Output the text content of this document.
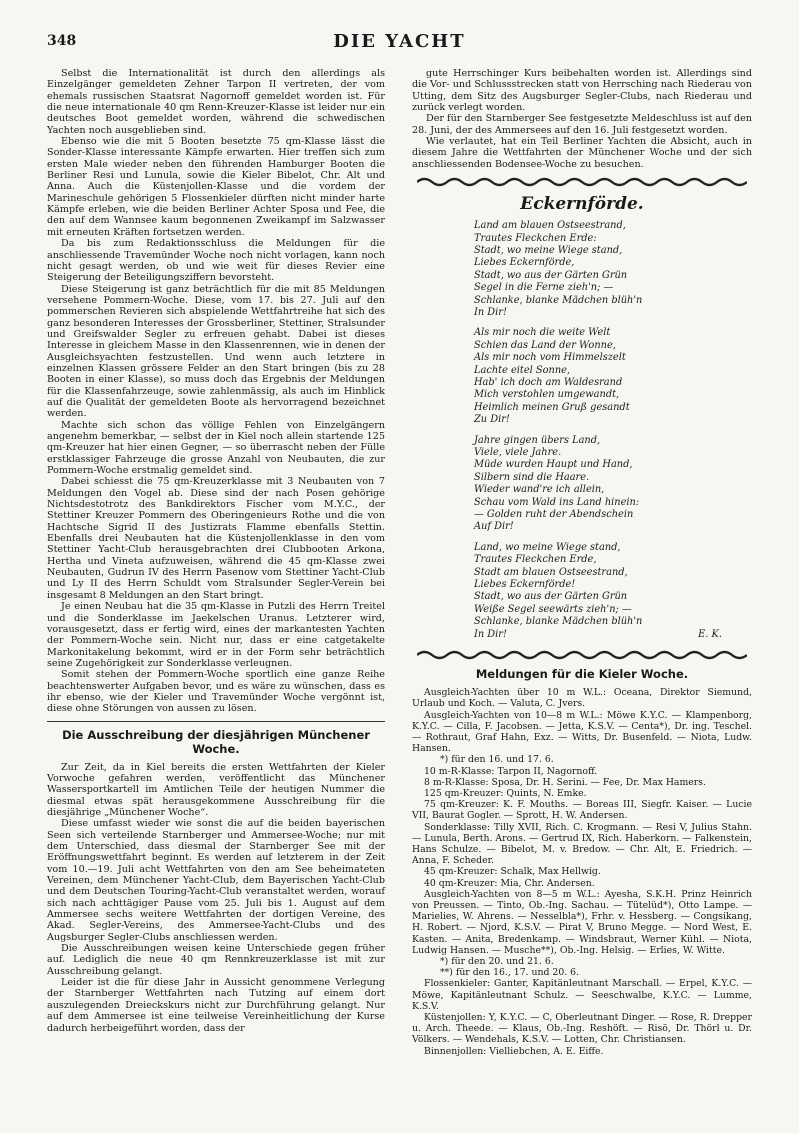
348	DIE YACHT

Selbst die Internationalität ist durch den allerdings als Einzelgänger gemeldeten Zehner Tarpon II vertreten, der vom ehemals russischen Staatsrat Nagornoff gemeldet worden ist. Für die neue internationale 40 qm Renn-Kreuzer-Klasse ist leider nur ein deutsches Boot gemeldet worden, während die schwedischen Yachten noch ausgeblieben sind.

Ebenso wie die mit 5 Booten besetzte 75 qm-Klasse lässt die Sonder-Klasse interessante Kämpfe erwarten. Hier treffen sich zum ersten Male wieder neben den führenden Hamburger Booten die Berliner Resi und Lunula, sowie die Kieler Bibelot, Chr. Alt und Anna. Auch die Küstenjollen-Klasse und die vordem der Marineschule gehörigen 5 Flossenkieler dürften nicht minder harte Kämpfe erleben, wie die beiden Berliner Achter Sposa und Fee, die den auf dem Wannsee kaum begonnenen Zweikampf im Salzwasser mit erneuten Kräften fortsetzen werden.

Da bis zum Redaktionsschluss die Meldungen für die anschliessende Travemünder Woche noch nicht vorlagen, kann noch nicht gesagt werden, ob und wie weit für dieses Revier eine Steigerung der Beteiligungsziffern bevorsteht.

Diese Steigerung ist ganz beträchtlich für die mit 85 Meldungen versehene Pommern-Woche. Diese, vom 17. bis 27. Juli auf den pommerschen Revieren sich abspielende Wettfahrtreihe hat sich des ganz besonderen Interesses der Grossberliner, Stettiner, Stralsunder und Greifswalder Segler zu erfreuen gehabt. Dabei ist dieses Interesse in gleichem Masse in den Klassenrennen, wie in denen der Ausgleichsyachten festzustellen. Und wenn auch letztere in einzelnen Klassen grössere Felder an den Start bringen (bis zu 28 Booten in einer Klasse), so muss doch das Ergebnis der Meldungen für die Klassenfahrzeuge, sowie zahlenmässig, als auch im Hinblick auf die Qualität der gemeldeten Boote als hervorragend bezeichnet werden.

Machte sich schon das völlige Fehlen von Einzelgängern angenehm bemerkbar, — selbst der in Kiel noch allein startende 125 qm-Kreuzer hat hier einen Gegner, — so überrascht neben der Fülle erstklassiger Fahrzeuge die grosse Anzahl von Neubauten, die zur Pommern-Woche erstmalig gemeldet sind.

Dabei schiesst die 75 qm-Kreuzerklasse mit 3 Neubauten von 7 Meldungen den Vogel ab. Diese sind der nach Posen gehörige Nichtsdestotrotz des Bankdirektors Fischer vom M.Y.C., der Stettiner Kreuzer Pommern des Oberingenieurs Rothe und die von Hachtsche Sigrid II des Justizrats Flamme ebenfalls Stettin. Ebenfalls drei Neubauten hat die Küstenjollenklasse in den vom Stettiner Yacht-Club herausgebrachten drei Clubbooten Arkona, Hertha und Vineta aufzuweisen, während die 45 qm-Klasse zwei Neubauten, Gudrun IV des Herrn Pasenow vom Stettiner Yacht-Club und Ly II des Herrn Schuldt vom Stralsunder Segler-Verein bei insgesamt 8 Meldungen an den Start bringt.

Je einen Neubau hat die 35 qm-Klasse in Putzli des Herrn Treitel und die Sonderklasse im Jaekelschen Uranus. Letzterer wird, vorausgesetzt, dass er fertig wird, eines der markantesten Yachten der Pommern-Woche sein. Nicht nur, dass er eine catgetakelte Markonitakelung bekommt, wird er in der Form sehr beträchtlich seine Zugehörigkeit zur Sonderklasse verleugnen.

Somit stehen der Pommern-Woche sportlich eine ganze Reihe beachtenswerter Aufgaben bevor, und es wäre zu wünschen, dass es ihr ebenso, wie der Kieler und Travemünder Woche vergönnt ist, diese ohne Störungen von aussen zu lösen.

Die Ausschreibung der diesjährigen Münchener Woche.

Zur Zeit, da in Kiel bereits die ersten Wettfahrten der Kieler Vorwoche gefahren werden, veröffentlicht das Münchener Wassersportkartell im Amtlichen Teile der heutigen Nummer die diesmal etwas spät herausgekommene Ausschreibung für die diesjährige „Münchener Woche“.

Diese umfasst wieder wie sonst die auf die beiden bayerischen Seen sich verteilende Starnberger und Ammersee-Woche; nur mit dem Unterschied, dass diesmal der Starnberger See mit der Eröffnungswettfahrt beginnt. Es werden auf letzterem in der Zeit vom 10.—19. Juli acht Wettfahrten von den am See beheimateten Vereinen, dem Münchener Yacht-Club, dem Bayerischen Yacht-Club und dem Deutschen Touring-Yacht-Club veranstaltet werden, worauf sich nach achttägiger Pause vom 25. Juli bis 1. August auf dem Ammersee sechs weitere Wettfahrten der dortigen Vereine, des Akad. Segler-Vereins, des Ammersee-Yacht-Clubs und des Augsburger Segler-Clubs anschliessen werden.

Die Ausschreibungen weisen keine Unterschiede gegen früher auf. Lediglich die neue 40 qm Rennkreuzerklasse ist mit zur Ausschreibung gelangt.

Leider ist die für diese Jahr in Aussicht genommene Verlegung der Starnberger Wettfahrten nach Tutzing auf einem dort auszulegenden Dreieckskurs nicht zur Durchführung gelangt. Nur auf dem Ammersee ist eine teilweise Vereinheitlichung der Kurse dadurch herbeigeführt worden, dass der

gute Herrschinger Kurs beibehalten worden ist. Allerdings sind die Vor- und Schlussstrecken statt von Herrsching nach Riederau von Utting, dem Sitz des Augsburger Segler-Clubs, nach Riederau und zurück verlegt worden.

Der für den Starnberger See festgesetzte Meldeschluss ist auf den 28. Juni, der des Ammersees auf den 16. Juli festgesetzt worden.

Wie verlautet, hat ein Teil Berliner Yachten die Absicht, auch in diesem Jahre die Wettfahrten der Münchener Woche und der sich anschliessenden Bodensee-Woche zu besuchen.

Eckernförde.
Land am blauen Ostseestrand,
Trautes Fleckchen Erde:
Stadt, wo meine Wiege stand,
Liebes Eckernförde,
Stadt, wo aus der Gärten Grün
Segel in die Ferne zieh'n; —
Schlanke, blanke Mädchen blüh'n
In Dir!
Als mir noch die weite Welt
Schien das Land der Wonne,
Als mir noch vom Himmelszelt
Lachte eitel Sonne,
Hab' ich doch am Waldesrand
Mich verstohlen umgewandt,
Heimlich meinen Gruß gesandt
Zu Dir!
Jahre gingen übers Land,
Viele, viele Jahre.
Müde wurden Haupt und Hand,
Silbern sind die Haare.
Wieder wand're ich allein,
Schau vom Wald ins Land hinein:
— Golden ruht der Abendschein
Auf Dir!
Land, wo meine Wiege stand,
Trautes Fleckchen Erde,
Stadt am blauen Ostseestrand,
Liebes Eckernförde!
Stadt, wo aus der Gärten Grün
Weiße Segel seewärts zieh'n; —
Schlanke, blanke Mädchen blüh'n
In Dir!	E. K.
Meldungen für die Kieler Woche.

Ausgleich-Yachten über 10 m W.L.: Oceana, Direktor Siemund, Urlaub und Koch. — Valuta, C. Jvers.

Ausgleich-Yachten von 10—8 m W.L.: Möwe K.Y.C. — Klampenborg, K.Y.C. — Cilla, F. Jacobsen. — Jetta, K.S.V. — Centa*), Dr. ing. Teschel. — Rothraut, Graf Hahn, Exz. — Witts, Dr. Busenfeld. — Niota, Ludw. Hansen.

*) für den 16. und 17. 6.

10 m-R-Klasse: Tarpon II, Nagornoff.

8 m-R-Klasse: Sposa, Dr. H. Serini. — Fee, Dr. Max Hamers.

125 qm-Kreuzer: Quints, N. Emke.

75 qm-Kreuzer: K. F. Mouths. — Boreas III, Siegfr. Kaiser. — Lucie VII, Baurat Gogler. — Sprott, H. W. Andersen.

Sonderklasse: Tilly XVII, Rich. C. Krogmann. — Resi V, Julius Stahn. — Lunula, Berth. Arons. — Gertrud IX, Rich. Haberkorn. — Falkenstein, Hans Schulze. — Bibelot, M. v. Bredow. — Chr. Alt, E. Friedrich. — Anna, F. Scheder.

45 qm-Kreuzer: Schalk, Max Hellwig.

40 qm-Kreuzer: Mia, Chr. Andersen.

Ausgleich-Yachten von 8—5 m W.L.: Ayesha, S.K.H. Prinz Heinrich von Preussen. — Tinto, Ob.-Ing. Sachau. — Tütelüd*), Otto Lampe. — Marielies, W. Ahrens. — Nesselbla*), Frhr. v. Hessberg. — Congsikang, H. Robert. — Njord, K.S.V. — Pirat V, Bruno Megge. — Nord West, E. Kasten. — Anita, Bredenkamp. — Windsbraut, Werner Kühl. — Niota, Ludwig Hansen. — Musche**), Ob.-Ing. Helsig. — Erlies, W. Witte.

*) für den 20. und 21. 6.

**) für den 16., 17. und 20. 6.

Flossenkieler: Ganter, Kapitänleutnant Marschall. — Erpel, K.Y.C. — Möwe, Kapitänleutnant Schulz. — Seeschwalbe, K.Y.C. — Lumme, K.S.V.

Küstenjollen: Y, K.Y.C. — C, Oberleutnant Dinger. — Rose, R. Drepper u. Arch. Theede. — Klaus, Ob.-Ing. Reshöft. — Risö, Dr. Thörl u. Dr. Völkers. — Wendehals, K.S.V. — Lotten, Chr. Christiansen.

Binnenjollen: Vielliebchen, A. E. Eiffe.
